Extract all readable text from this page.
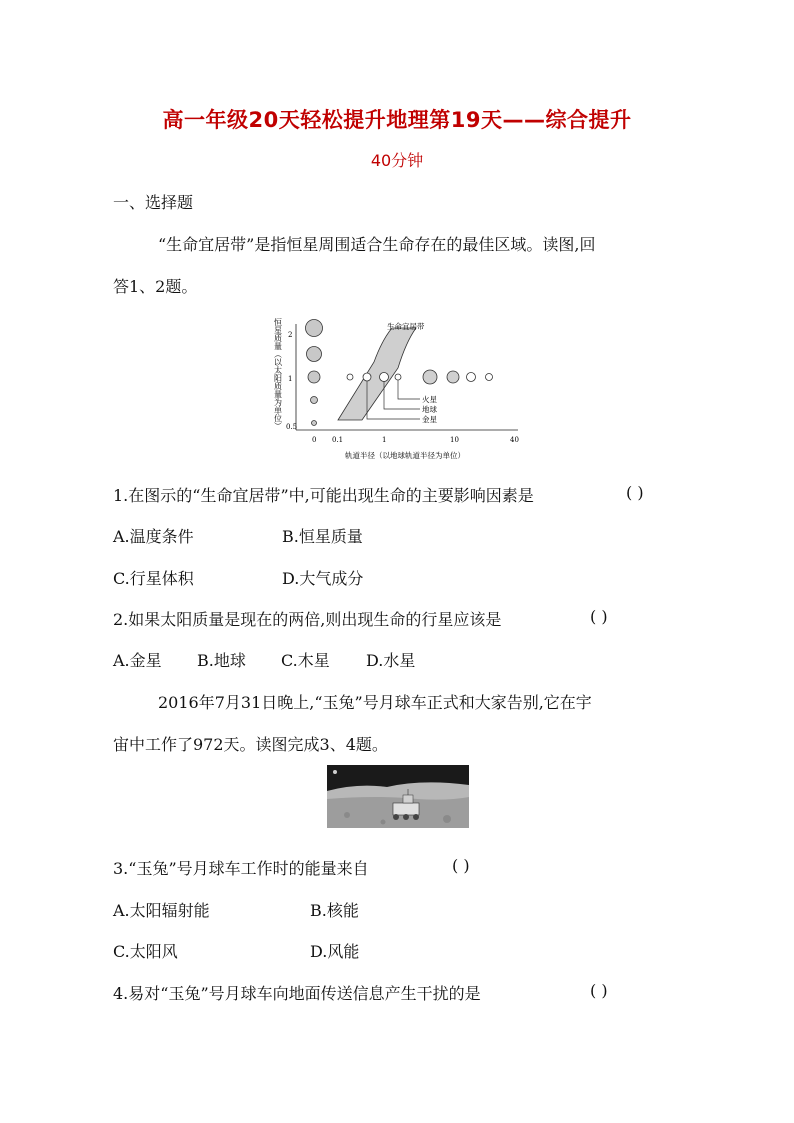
高一年级20天轻松提升地理第19天——综合提升
40分钟
一、选择题
“生命宜居带”是指恒星周围适合生命存在的最佳区域。读图,回
答1、2题。
恒星质量（以太阳质量为单位） 2
1
0.5
0 0.1	1	10	40
轨道半径（以地球轨道半径为单位）
生命宜居带
火星
地球
金星
1.在图示的“生命宜居带”中,可能出现生命的主要影响因素是	( )
A.温度条件	B.恒星质量
C.行星体积	D.大气成分
2.如果太阳质量是现在的两倍,则出现生命的行星应该是	( )
A.金星 B.地球 C.木星 D.水星
2016年7月31日晚上,“玉兔”号月球车正式和大家告别,它在宇
宙中工作了972天。读图完成3、4题。
3.“玉兔”号月球车工作时的能量来自	( )
A.太阳辐射能	B.核能
C.太阳风	D.风能
4.易对“玉兔”号月球车向地面传送信息产生干扰的是	( )
